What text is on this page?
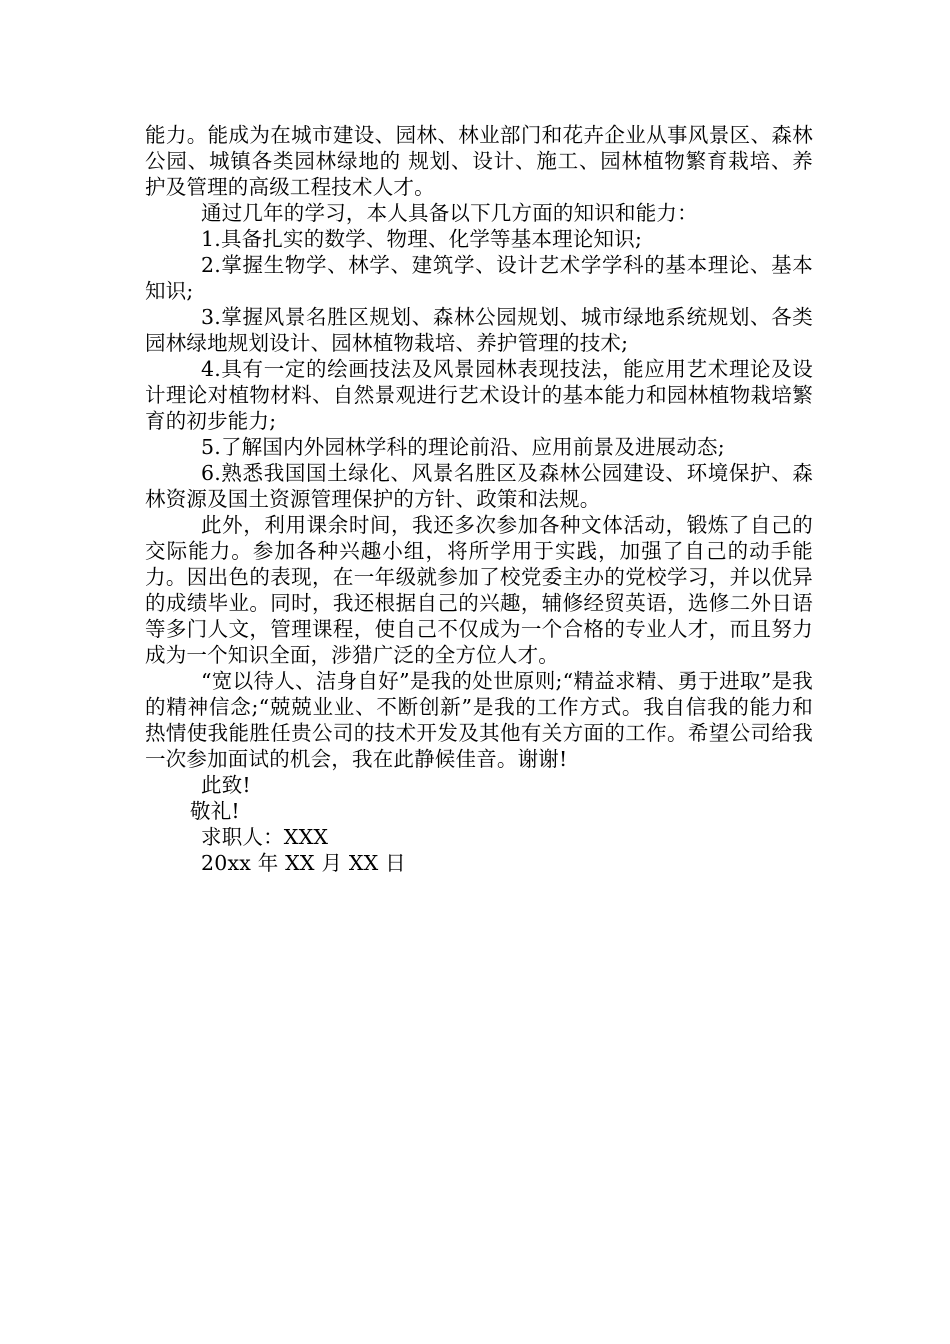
能力。能成为在城市建设、园林、林业部门和花卉企业从事风景区、森林公园、城镇各类园林绿地的 规划、设计、施工、园林植物繁育栽培、养护及管理的高级工程技术人才。

通过几年的学习，本人具备以下几方面的知识和能力：

1.具备扎实的数学、物理、化学等基本理论知识;

2.掌握生物学、林学、建筑学、设计艺术学学科的基本理论、基本知识;

3.掌握风景名胜区规划、森林公园规划、城市绿地系统规划、各类园林绿地规划设计、园林植物栽培、养护管理的技术;

4.具有一定的绘画技法及风景园林表现技法，能应用艺术理论及设计理论对植物材料、自然景观进行艺术设计的基本能力和园林植物栽培繁育的初步能力;

5.了解国内外园林学科的理论前沿、应用前景及进展动态;

6.熟悉我国国土绿化、风景名胜区及森林公园建设、环境保护、森林资源及国土资源管理保护的方针、政策和法规。

此外，利用课余时间，我还多次参加各种文体活动，锻炼了自己的交际能力。参加各种兴趣小组，将所学用于实践，加强了自己的动手能力。因出色的表现，在一年级就参加了校党委主办的党校学习，并以优异的成绩毕业。同时，我还根据自己的兴趣，辅修经贸英语，选修二外日语等多门人文，管理课程，使自己不仅成为一个合格的专业人才，而且努力成为一个知识全面，涉猎广泛的全方位人才。

“宽以待人、洁身自好”是我的处世原则;“精益求精、勇于进取”是我的精神信念;“兢兢业业、不断创新”是我的工作方式。我自信我的能力和热情使我能胜任贵公司的技术开发及其他有关方面的工作。希望公司给我一次参加面试的机会，我在此静候佳音。谢谢!

此致!

敬礼!

求职人：XXX

20xx 年 XX 月 XX 日
